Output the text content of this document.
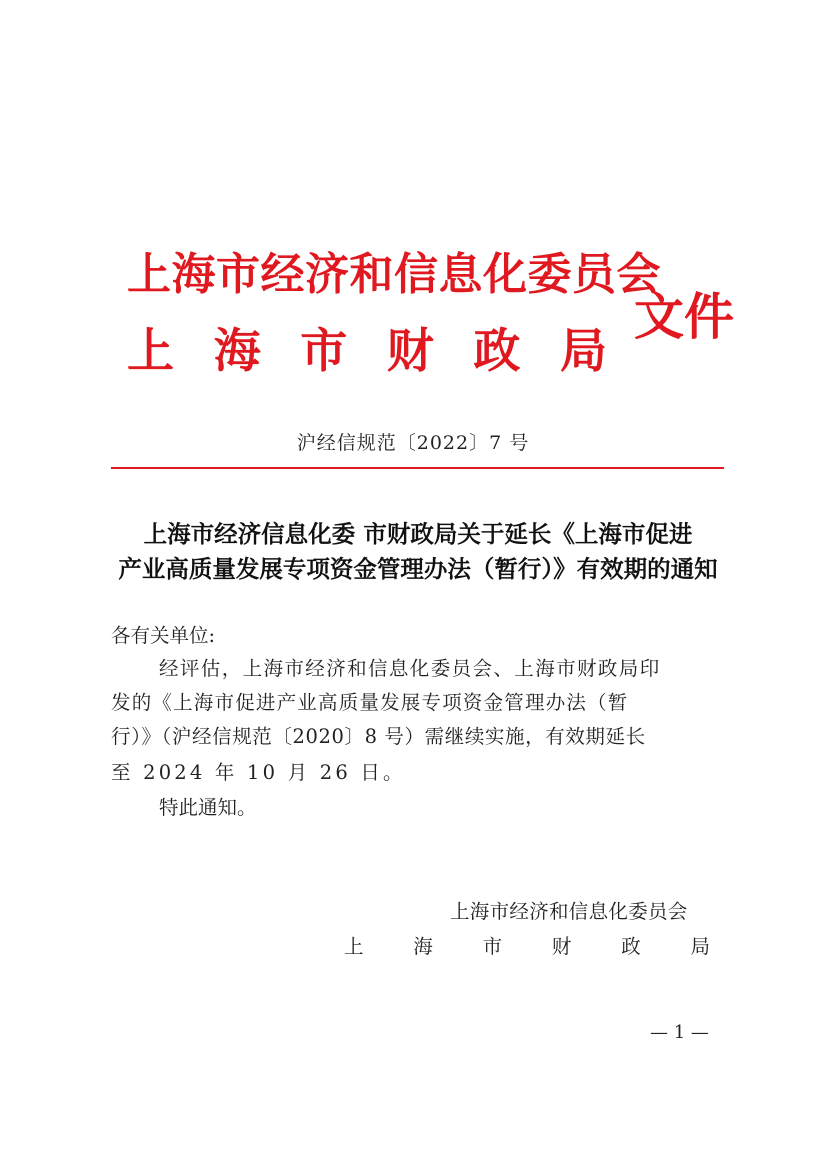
上海市经济和信息化委员会
上 海 市 财 政 局
文件
沪经信规范〔2022〕7 号
上海市经济信息化委 市财政局关于延长《上海市促进
产业高质量发展专项资金管理办法（暂行）》有效期的通知
各有关单位:
经评估，上海市经济和信息化委员会、上海市财政局印
发的《上海市促进产业高质量发展专项资金管理办法（暂
行）》（沪经信规范〔2020〕8 号）需继续实施，有效期延长
至 2024 年 10 月 26 日。
特此通知。
上海市经济和信息化委员会
上	海	市	财	政	局
— 1 —
